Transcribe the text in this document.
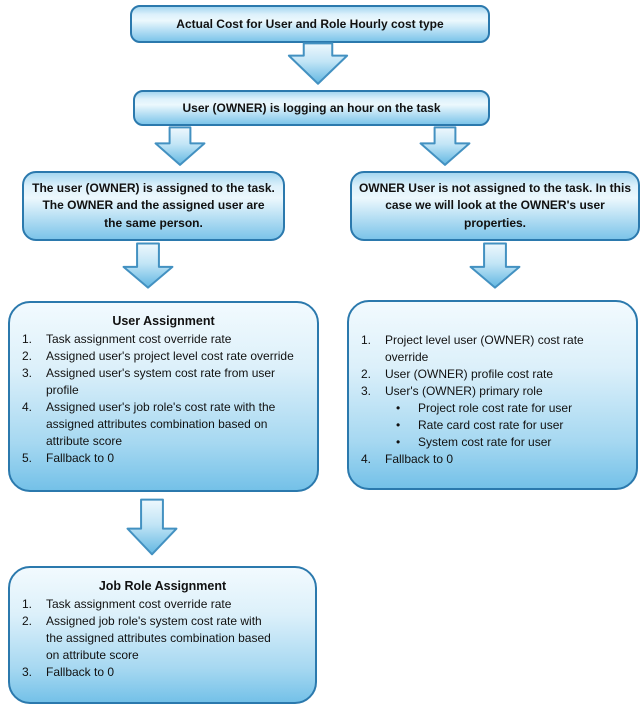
Actual Cost for User and Role Hourly cost type
User (OWNER) is logging an hour on the task
The user (OWNER) is assigned to the task. The OWNER and the assigned user are the same person.
OWNER User is not assigned to the task. In this case we will look at the OWNER's user properties.
User Assignment
1.	Task assignment cost override rate
2.	Assigned user's project level cost rate override
3.	Assigned user's system cost rate from user profile
4.	Assigned user's job role's cost rate with the assigned attributes combination based on attribute score
5.	Fallback to 0
1.	Project level user (OWNER) cost rate override
2.	User (OWNER) profile cost rate
3.	User's (OWNER) primary role
•	Project role cost rate for user
•	Rate card cost rate for user
•	System cost rate for user
4.	Fallback to 0
Job Role Assignment
1.	Task assignment cost override rate
2.	Assigned job role's system cost rate with the assigned attributes combination based on attribute score
3.	Fallback to 0
